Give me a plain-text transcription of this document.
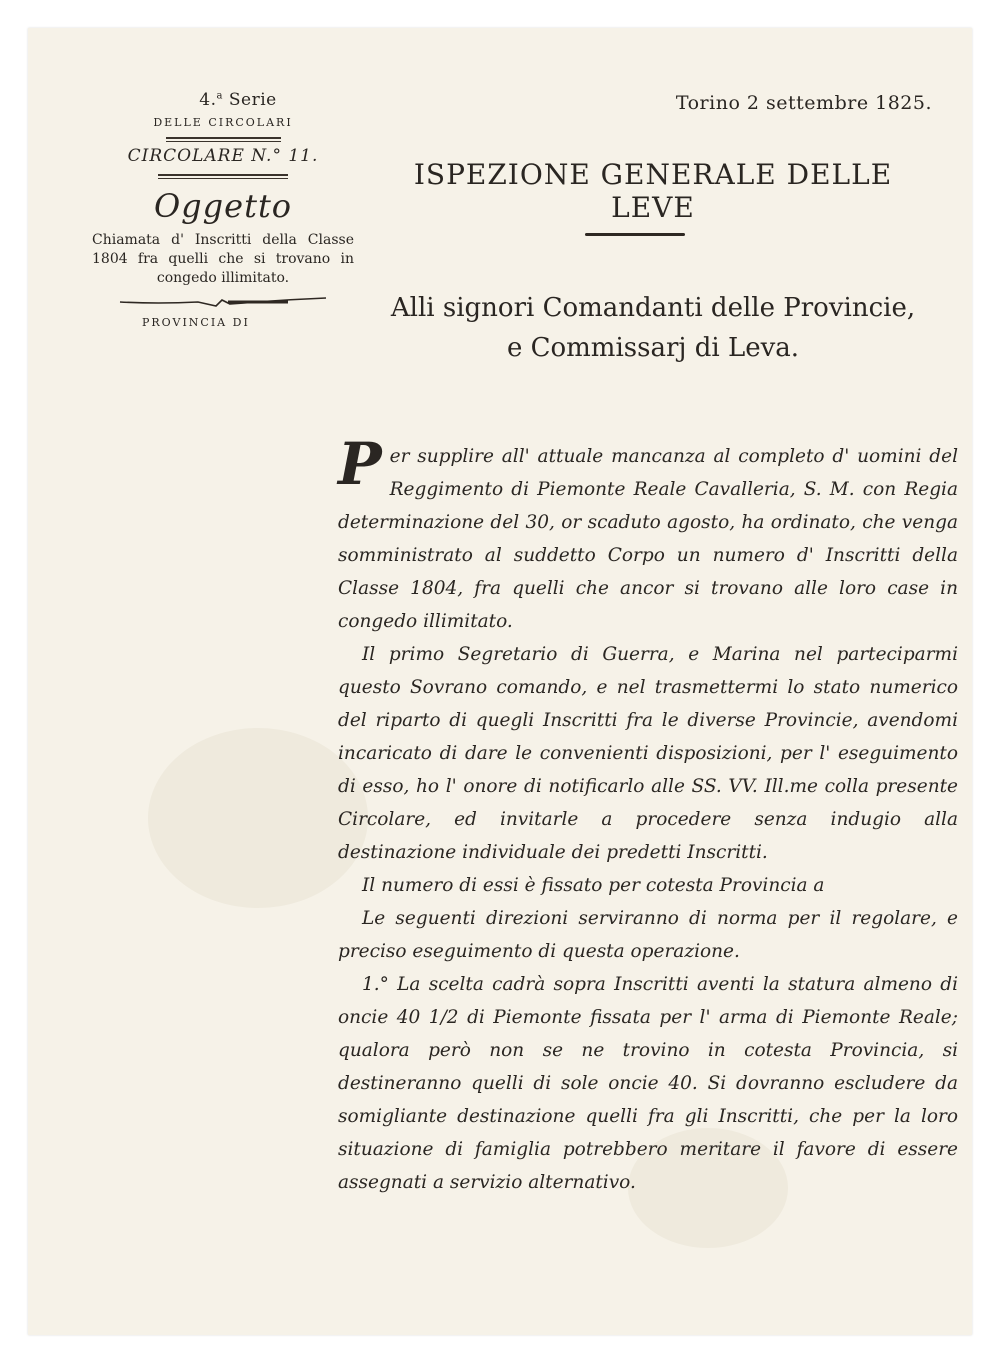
4.$^a$ Serie
DELLE CIRCOLARI
CIRCOLARE N.° 11.
Oggetto
Chiamata d' Inscritti della Classe 1804 fra quelli che si trovano in congedo illimitato.
PROVINCIA DI
Torino 2 settembre 1825.
ISPEZIONE GENERALE DELLE LEVE
Alli signori Comandanti delle Provincie,
e Commissarj di Leva.

Per supplire all' attuale mancanza al completo d' uomini del Reggimento di Piemonte Reale Cavalleria, S. M. con Regia determinazione del 30, or scaduto agosto, ha ordinato, che venga somministrato al suddetto Corpo un numero d' Inscritti della Classe 1804, fra quelli che ancor si trovano alle loro case in congedo illimitato.

Il primo Segretario di Guerra, e Marina nel parteciparmi questo Sovrano comando, e nel trasmettermi lo stato numerico del riparto di quegli Inscritti fra le diverse Provincie, avendomi incaricato di dare le convenienti disposizioni, per l' eseguimento di esso, ho l' onore di notificarlo alle SS. VV. Ill.me colla presente Circolare, ed invitarle a procedere senza indugio alla destinazione individuale dei predetti Inscritti.

Il numero di essi è fissato per cotesta Provincia a

Le seguenti direzioni serviranno di norma per il regolare, e preciso eseguimento di questa operazione.

1.° La scelta cadrà sopra Inscritti aventi la statura almeno di oncie 40 1/2 di Piemonte fissata per l' arma di Piemonte Reale; qualora però non se ne trovino in cotesta Provincia, si destineranno quelli di sole oncie 40. Si dovranno escludere da somigliante destinazione quelli fra gli Inscritti, che per la loro situazione di famiglia potrebbero meritare il favore di essere assegnati a servizio alternativo.
